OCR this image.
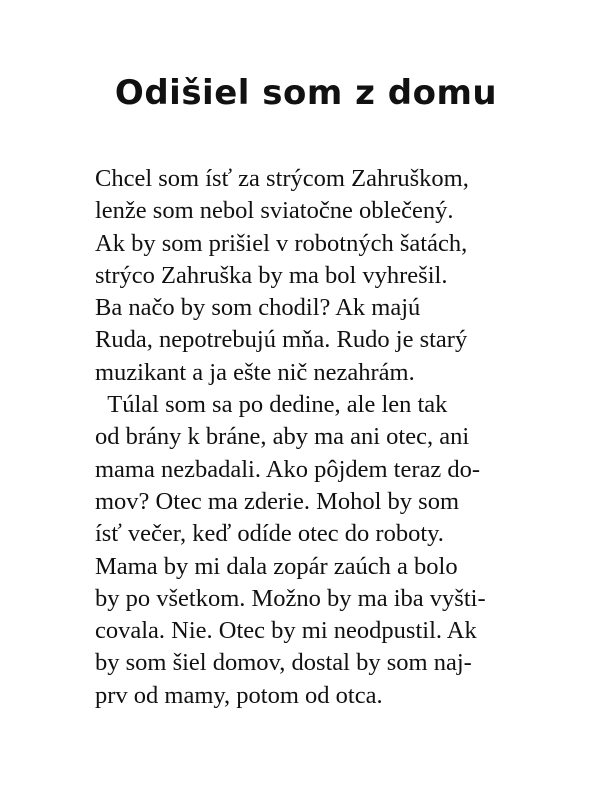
Odišiel som z domu
Chcel som ísť za strýcom Zahruškom,
lenže som nebol sviatočne oblečený.
Ak by som prišiel v robotných šatách,
strýco Zahruška by ma bol vyhrešil.
Ba načo by som chodil? Ak majú
Ruda, nepotrebujú mňa. Rudo je starý
muzikant a ja ešte nič nezahrám.
Túlal som sa po dedine, ale len tak
od brány k bráne, aby ma ani otec, ani
mama nezbadali. Ako pôjdem teraz do-
mov? Otec ma zderie. Mohol by som
ísť večer, keď odíde otec do roboty.
Mama by mi dala zopár zaúch a bolo
by po všetkom. Možno by ma iba vyšti-
covala. Nie. Otec by mi neodpustil. Ak
by som šiel domov, dostal by som naj-
prv od mamy, potom od otca.
